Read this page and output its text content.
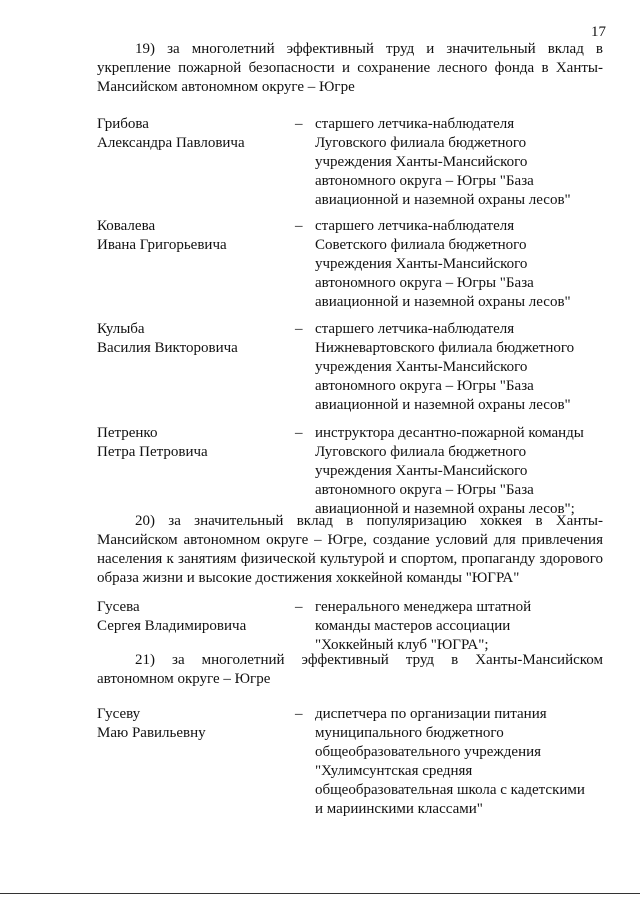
17
19) за многолетний эффективный труд и значительный вклад в укрепление пожарной безопасности и сохранение лесного фонда в Ханты-Мансийском автономном округе – Югре
Грибова
Александра Павловича
– старшего летчика-наблюдателя
Луговского филиала бюджетного
учреждения Ханты-Мансийского
автономного округа – Югры "База
авиационной и наземной охраны лесов"
Ковалева
Ивана Григорьевича
– старшего летчика-наблюдателя
Советского филиала бюджетного
учреждения Ханты-Мансийского
автономного округа – Югры "База
авиационной и наземной охраны лесов"
Кулыба
Василия Викторовича
– старшего летчика-наблюдателя
Нижневартовского филиала бюджетного
учреждения Ханты-Мансийского
автономного округа – Югры "База
авиационной и наземной охраны лесов"
Петренко
Петра Петровича
– инструктора десантно-пожарной команды
Луговского филиала бюджетного
учреждения Ханты-Мансийского
автономного округа – Югры "База
авиационной и наземной охраны лесов";
20) за значительный вклад в популяризацию хоккея в Ханты-Мансийском автономном округе – Югре, создание условий для привлечения населения к занятиям физической культурой и спортом, пропаганду здорового образа жизни и высокие достижения хоккейной команды "ЮГРА"
Гусева
Сергея Владимировича
– генерального менеджера штатной
команды мастеров ассоциации
"Хоккейный клуб "ЮГРА";
21) за многолетний эффективный труд в Ханты-Мансийском автономном округе – Югре
Гусеву
Маю Равильевну
– диспетчера по организации питания
муниципального бюджетного
общеобразовательного учреждения
"Хулимсунтская средняя
общеобразовательная школа с кадетскими
и мариинскими классами"
